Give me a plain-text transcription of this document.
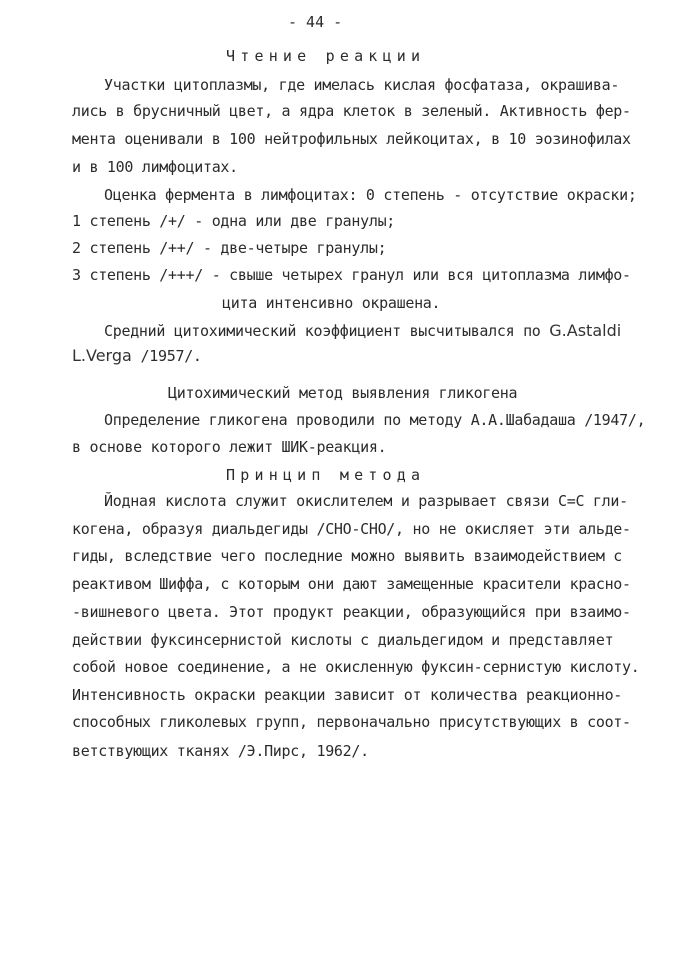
- 44 -
Чтение реакции
Участки цитоплазмы, где имелась кислая фосфатаза, окрашива-
лись в брусничный цвет, а ядра клеток в зеленый. Активность фер-
мента оценивали в 100 нейтрофильных лейкоцитах, в 10 эозинофилах
и в 100 лимфоцитах.
Оценка фермента в лимфоцитах: 0 степень - отсутствие окраски;
1 степень /+/ - одна или две гранулы;
2 степень /++/ - две-четыре гранулы;
3 степень /+++/ - свыше четырех гранул или вся цитоплазма лимфо-
цита интенсивно окрашена.
Средний цитохимический коэффициент высчитывался по G.Astaldi
L.Verga /1957/.
Цитохимический метод выявления гликогена
Определение гликогена проводили по методу А.А.Шабадаша /1947/,
в основе которого лежит ШИК-реакция.
Принцип метода
Йодная кислота служит окислителем и разрывает связи С=С гли-
когена, образуя диальдегиды /СНО-СНО/, но не окисляет эти альде-
гиды, вследствие чего последние можно выявить взаимодействием с
реактивом Шиффа, с которым они дают замещенные красители красно-
-вишневого цвета. Этот продукт реакции, образующийся при взаимо-
действии фуксинсернистой кислоты с диальдегидом и представляет
собой новое соединение, а не окисленную фуксин-сернистую кислоту.
Интенсивность окраски реакции зависит от количества реакционно-
способных гликолевых групп, первоначально присутствующих в соот-
ветствующих тканях /Э.Пирс, 1962/.
